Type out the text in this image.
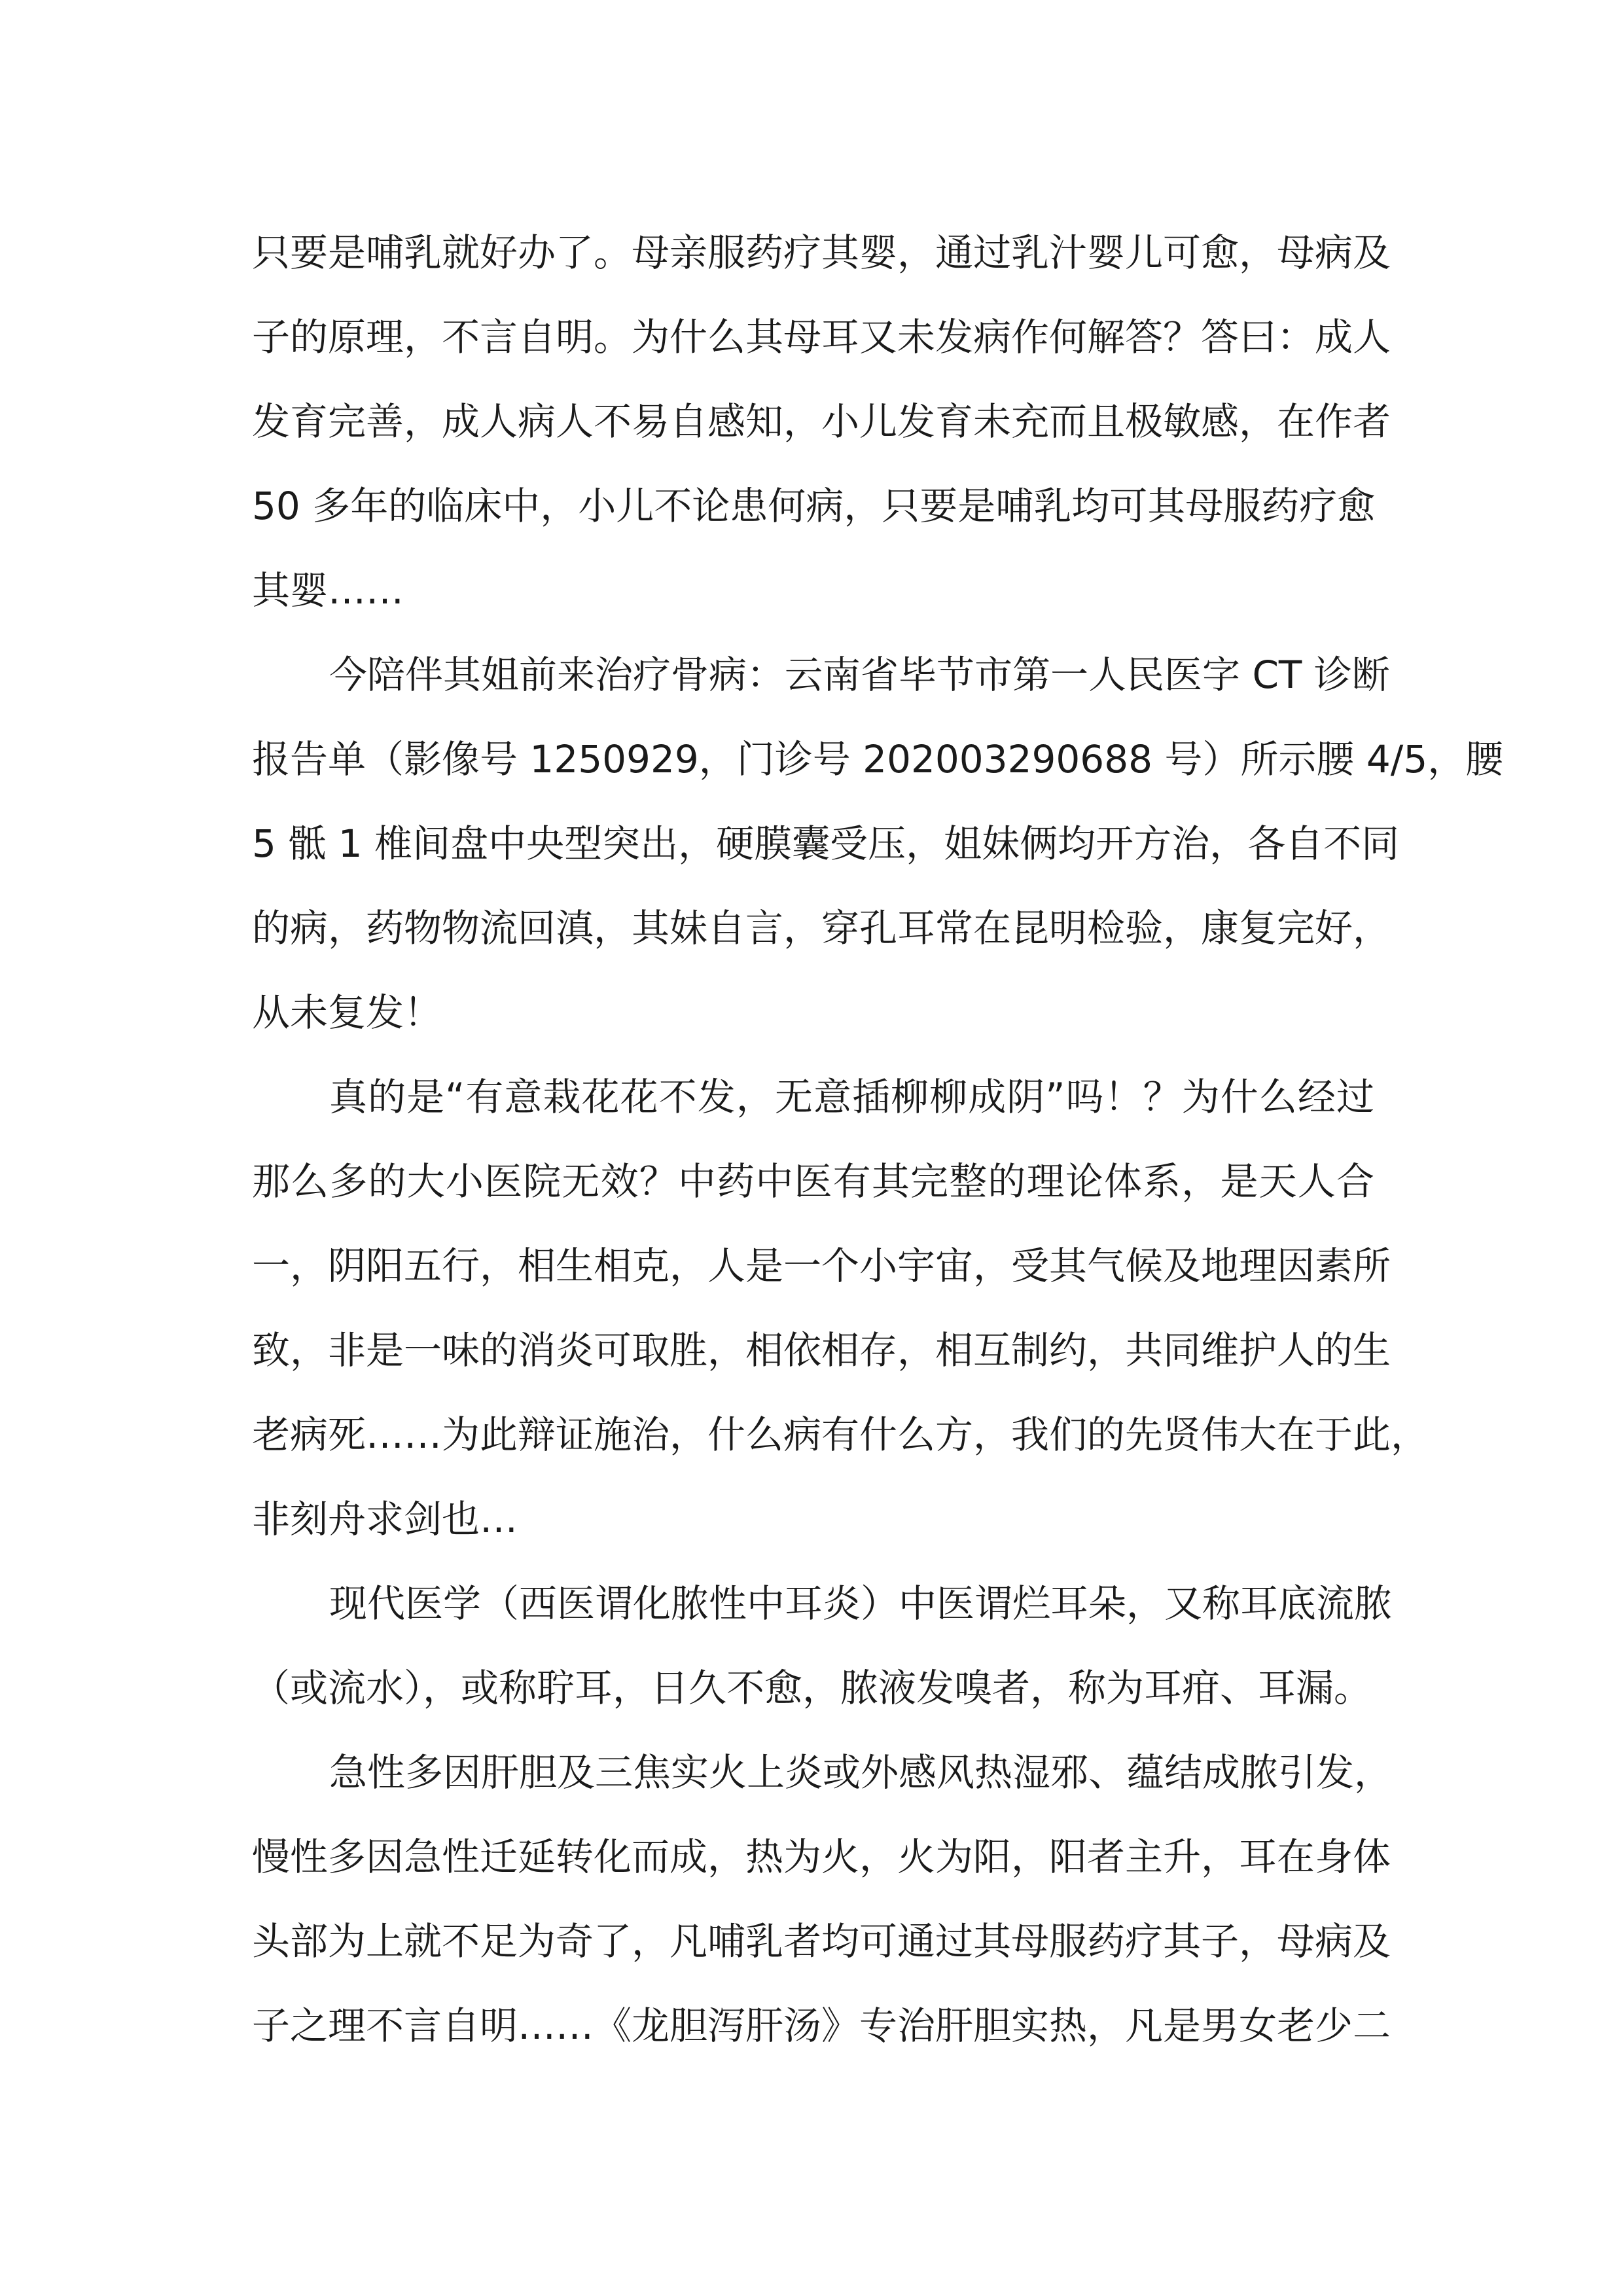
只要是哺乳就好办了。母亲服药疗其婴，通过乳汁婴儿可愈，母病及
子的原理，不言自明。为什么其母耳又未发病作何解答？答曰：成人
发育完善，成人病人不易自感知，小儿发育未充而且极敏感，在作者
50 多年的临床中，小儿不论患何病，只要是哺乳均可其母服药疗愈
其婴……
今陪伴其姐前来治疗骨病：云南省毕节市第一人民医字 CT 诊断
报告单（影像号 1250929，门诊号 202003290688 号）所示腰 4/5，腰
5 骶 1 椎间盘中央型突出，硬膜囊受压，姐妹俩均开方治，各自不同
的病，药物物流回滇，其妹自言，穿孔耳常在昆明检验，康复完好，
从未复发！
真的是“有意栽花花不发，无意插柳柳成阴”吗！？为什么经过
那么多的大小医院无效？中药中医有其完整的理论体系，是天人合
一，阴阳五行，相生相克，人是一个小宇宙，受其气候及地理因素所
致，非是一味的消炎可取胜，相依相存，相互制约，共同维护人的生
老病死……为此辩证施治，什么病有什么方，我们的先贤伟大在于此，
非刻舟求剑也…
现代医学（西医谓化脓性中耳炎）中医谓烂耳朵，又称耳底流脓
（或流水），或称聍耳，日久不愈，脓液发嗅者，称为耳疳、耳漏。
急性多因肝胆及三焦实火上炎或外感风热湿邪、蕴结成脓引发，
慢性多因急性迁延转化而成，热为火，火为阳，阳者主升，耳在身体
头部为上就不足为奇了，凡哺乳者均可通过其母服药疗其子，母病及
子之理不言自明……《龙胆泻肝汤》专治肝胆实热，凡是男女老少二
